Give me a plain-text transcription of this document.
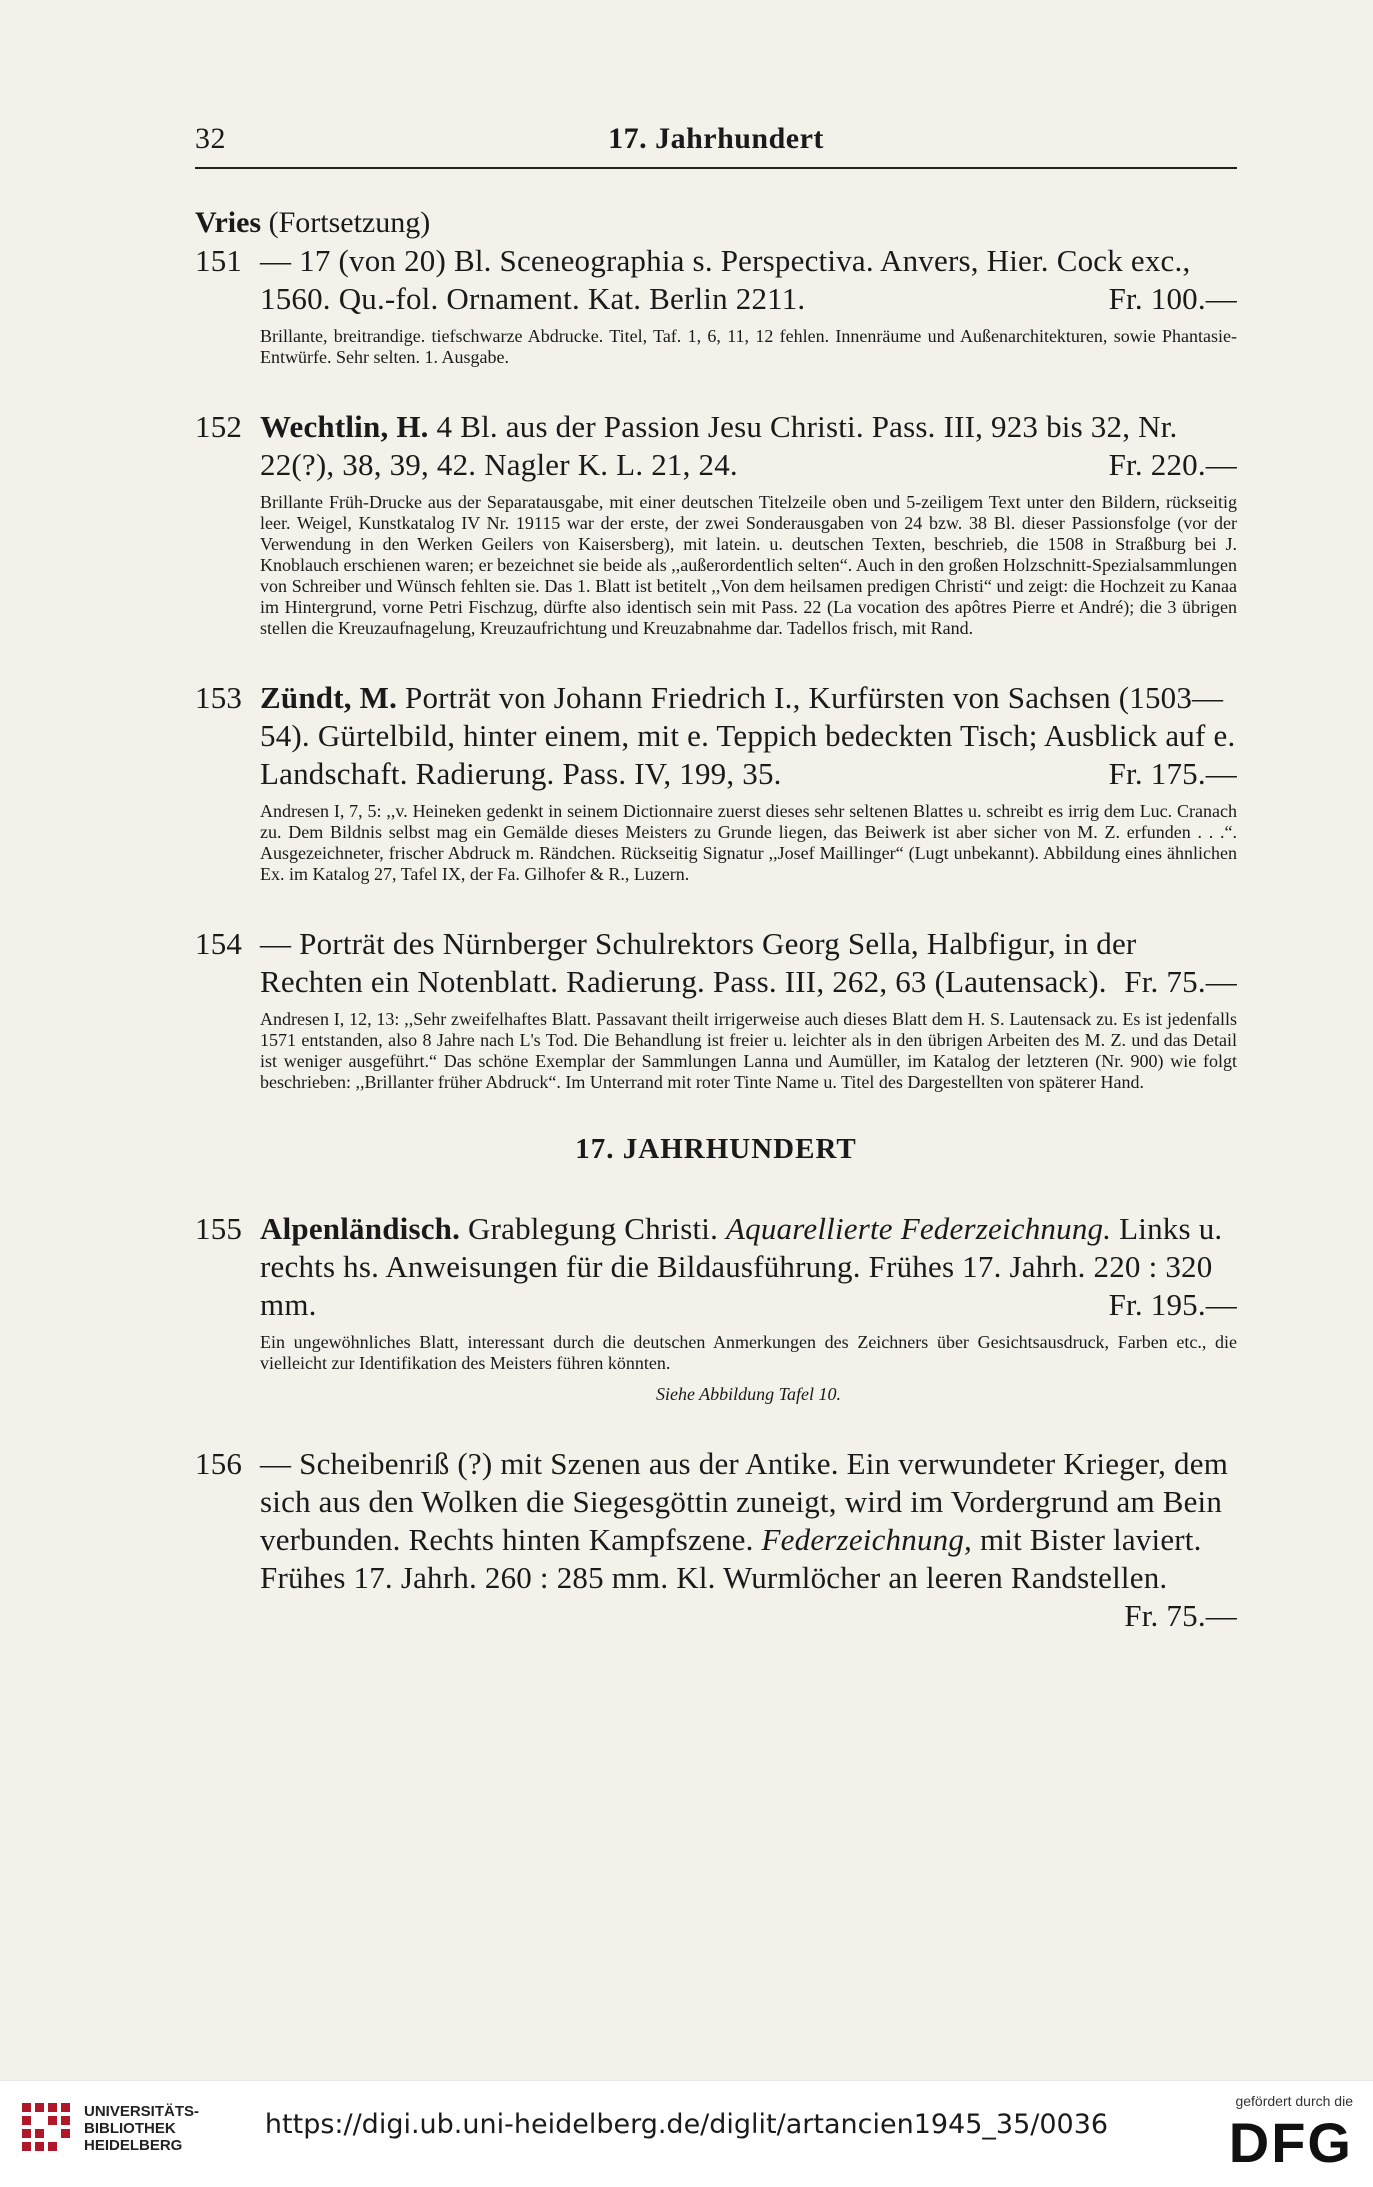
32	17. Jahrhundert
Vries (Fortsetzung)
151 — 17 (von 20) Bl. Sceneographia s. Perspectiva. Anvers, Hier. Cock exc., 1560. Qu.-fol. Ornament. Kat. Berlin 2211.	Fr. 100.—
Brillante, breitrandige. tiefschwarze Abdrucke. Titel, Taf. 1, 6, 11, 12 fehlen. Innenräume und Außenarchitekturen, sowie Phantasie-Entwürfe. Sehr selten. 1. Ausgabe.
152 Wechtlin, H. 4 Bl. aus der Passion Jesu Christi. Pass. III, 923 bis 32, Nr. 22(?), 38, 39, 42. Nagler K. L. 21, 24.	Fr. 220.—
Brillante Früh-Drucke aus der Separatausgabe, mit einer deutschen Titelzeile oben und 5-zeiligem Text unter den Bildern, rückseitig leer. Weigel, Kunstkatalog IV Nr. 19115 war der erste, der zwei Sonderausgaben von 24 bzw. 38 Bl. dieser Passionsfolge (vor der Verwendung in den Werken Geilers von Kaisersberg), mit latein. u. deutschen Texten, beschrieb, die 1508 in Straßburg bei J. Knoblauch erschienen waren; er bezeichnet sie beide als ,,außerordentlich selten“. Auch in den großen Holzschnitt-Spezialsammlungen von Schreiber und Wünsch fehlten sie. Das 1. Blatt ist betitelt ,,Von dem heilsamen predigen Christi“ und zeigt: die Hochzeit zu Kanaa im Hintergrund, vorne Petri Fischzug, dürfte also identisch sein mit Pass. 22 (La vocation des apôtres Pierre et André); die 3 übrigen stellen die Kreuzaufnagelung, Kreuzaufrichtung und Kreuzabnahme dar. Tadellos frisch, mit Rand.
153 Zündt, M. Porträt von Johann Friedrich I., Kurfürsten von Sachsen (1503—54). Gürtelbild, hinter einem, mit e. Teppich bedeckten Tisch; Ausblick auf e. Landschaft. Radierung. Pass. IV, 199, 35.	Fr. 175.—
Andresen I, 7, 5: ,,v. Heineken gedenkt in seinem Dictionnaire zuerst dieses sehr seltenen Blattes u. schreibt es irrig dem Luc. Cranach zu. Dem Bildnis selbst mag ein Gemälde dieses Meisters zu Grunde liegen, das Beiwerk ist aber sicher von M. Z. erfunden . . .“. Ausgezeichneter, frischer Abdruck m. Rändchen. Rückseitig Signatur ,,Josef Maillinger“ (Lugt unbekannt). Abbildung eines ähnlichen Ex. im Katalog 27, Tafel IX, der Fa. Gilhofer & R., Luzern.
154 — Porträt des Nürnberger Schulrektors Georg Sella, Halbfigur, in der Rechten ein Notenblatt. Radierung. Pass. III, 262, 63 (Lautensack). Fr. 75.—
Andresen I, 12, 13: ,,Sehr zweifelhaftes Blatt. Passavant theilt irrigerweise auch dieses Blatt dem H. S. Lautensack zu. Es ist jedenfalls 1571 entstanden, also 8 Jahre nach L's Tod. Die Behandlung ist freier u. leichter als in den übrigen Arbeiten des M. Z. und das Detail ist weniger ausgeführt.“ Das schöne Exemplar der Sammlungen Lanna und Aumüller, im Katalog der letzteren (Nr. 900) wie folgt beschrieben: ,,Brillanter früher Abdruck“. Im Unterrand mit roter Tinte Name u. Titel des Dargestellten von späterer Hand.
17. JAHRHUNDERT
155 Alpenländisch. Grablegung Christi. Aquarellierte Federzeichnung. Links u. rechts hs. Anweisungen für die Bildausführung. Frühes 17. Jahrh. 220 : 320 mm.	Fr. 195.—
Ein ungewöhnliches Blatt, interessant durch die deutschen Anmerkungen des Zeichners über Gesichtsausdruck, Farben etc., die vielleicht zur Identifikation des Meisters führen könnten.
Siehe Abbildung Tafel 10.
156 — Scheibenriß (?) mit Szenen aus der Antike. Ein verwundeter Krieger, dem sich aus den Wolken die Siegesgöttin zuneigt, wird im Vordergrund am Bein verbunden. Rechts hinten Kampfszene. Federzeichnung, mit Bister laviert. Frühes 17. Jahrh. 260 : 285 mm. Kl. Wurmlöcher an leeren Randstellen.
Fr. 75.—
UNIVERSITÄTS-
BIBLIOTHEK
HEIDELBERG
https://digi.ub.uni-heidelberg.de/diglit/artancien1945_35/0036
gefördert durch die
DFG
